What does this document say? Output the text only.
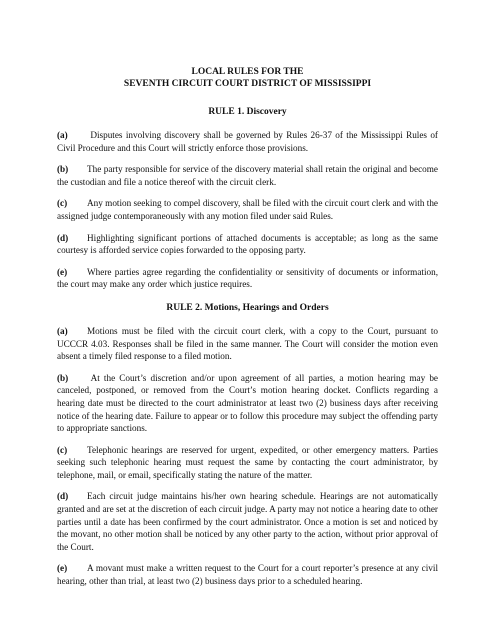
LOCAL RULES FOR THE

SEVENTH CIRCUIT COURT DISTRICT OF MISSISSIPPI

RULE 1. Discovery

(a) Disputes involving discovery shall be governed by Rules 26-37 of the Mississippi Rules of Civil Procedure and this Court will strictly enforce those provisions.

(b) The party responsible for service of the discovery material shall retain the original and become the custodian and file a notice thereof with the circuit clerk.

(c) Any motion seeking to compel discovery, shall be filed with the circuit court clerk and with the assigned judge contemporaneously with any motion filed under said Rules.

(d) Highlighting significant portions of attached documents is acceptable; as long as the same courtesy is afforded service copies forwarded to the opposing party.

(e) Where parties agree regarding the confidentiality or sensitivity of documents or information, the court may make any order which justice requires.

RULE 2. Motions, Hearings and Orders

(a) Motions must be filed with the circuit court clerk, with a copy to the Court, pursuant to UCCCR 4.03. Responses shall be filed in the same manner. The Court will consider the motion even absent a timely filed response to a filed motion.

(b) At the Court’s discretion and/or upon agreement of all parties, a motion hearing may be canceled, postponed, or removed from the Court’s motion hearing docket. Conflicts regarding a hearing date must be directed to the court administrator at least two (2) business days after receiving notice of the hearing date. Failure to appear or to follow this procedure may subject the offending party to appropriate sanctions.

(c) Telephonic hearings are reserved for urgent, expedited, or other emergency matters. Parties seeking such telephonic hearing must request the same by contacting the court administrator, by telephone, mail, or email, specifically stating the nature of the matter.

(d) Each circuit judge maintains his/her own hearing schedule. Hearings are not automatically granted and are set at the discretion of each circuit judge. A party may not notice a hearing date to other parties until a date has been confirmed by the court administrator. Once a motion is set and noticed by the movant, no other motion shall be noticed by any other party to the action, without prior approval of the Court.

(e) A movant must make a written request to the Court for a court reporter’s presence at any civil hearing, other than trial, at least two (2) business days prior to a scheduled hearing.
